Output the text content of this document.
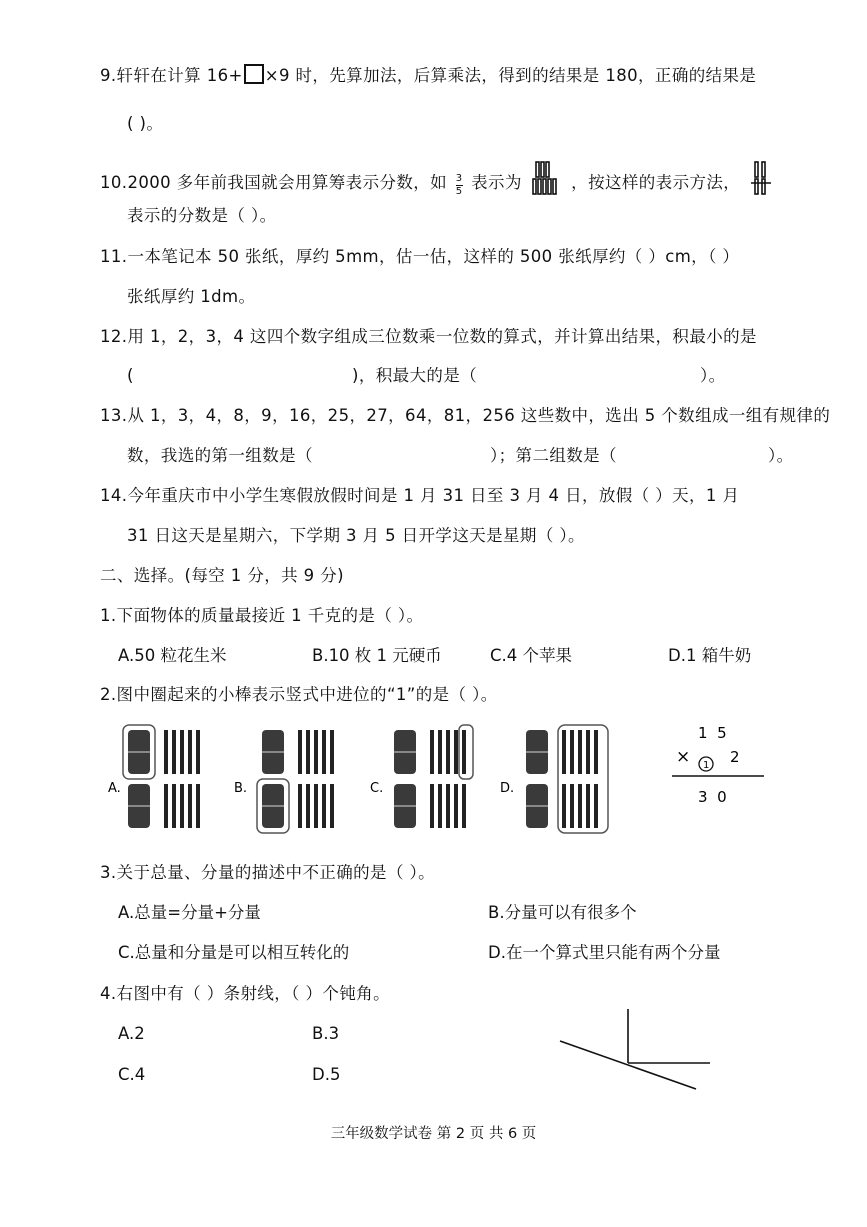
9.轩轩在计算 16+ ×9 时，先算加法，后算乘法，得到的结果是 180，正确的结果是
( )。
10.2000 多年前我国就会用算筹表示分数，如 $\frac{3}{5}$ 表示为	，按这样的表示方法，
表示的分数是（ ）。
11.一本笔记本 50 张纸，厚约 5mm，估一估，这样的 500 张纸厚约（ ）cm，（ ）
张纸厚约 1dm。
12.用 1，2，3，4 这四个数字组成三位数乘一位数的算式，并计算出结果，积最小的是
(	)，积最大的是（	）。
13.从 1，3，4，8，9，16，25，27，64，81，256 这些数中，选出 5 个数组成一组有规律的
数，我选的第一组数是（	）；第二组数是（	）。
14.今年重庆市中小学生寒假放假时间是 1 月 31 日至 3 月 4 日，放假（ ）天，1 月
31 日这天是星期六，下学期 3 月 5 日开学这天是星期（ ）。
二、选择。(每空 1 分，共 9 分)
1.下面物体的质量最接近 1 千克的是（ ）。
A.50 粒花生米	B.10 枚 1 元硬币	C.4 个苹果	D.1 箱牛奶
2.图中圈起来的小棒表示竖式中进位的“1”的是（ ）。
A.	B.	C.	D.
1  5
× 1 2
3  0
3.关于总量、分量的描述中不正确的是（ ）。
A.总量=分量+分量	B.分量可以有很多个
C.总量和分量是可以相互转化的	D.在一个算式里只能有两个分量
4.右图中有（ ）条射线，（ ）个钝角。
A.2	B.3
C.4	D.5
三年级数学试卷 第 2 页 共 6 页
